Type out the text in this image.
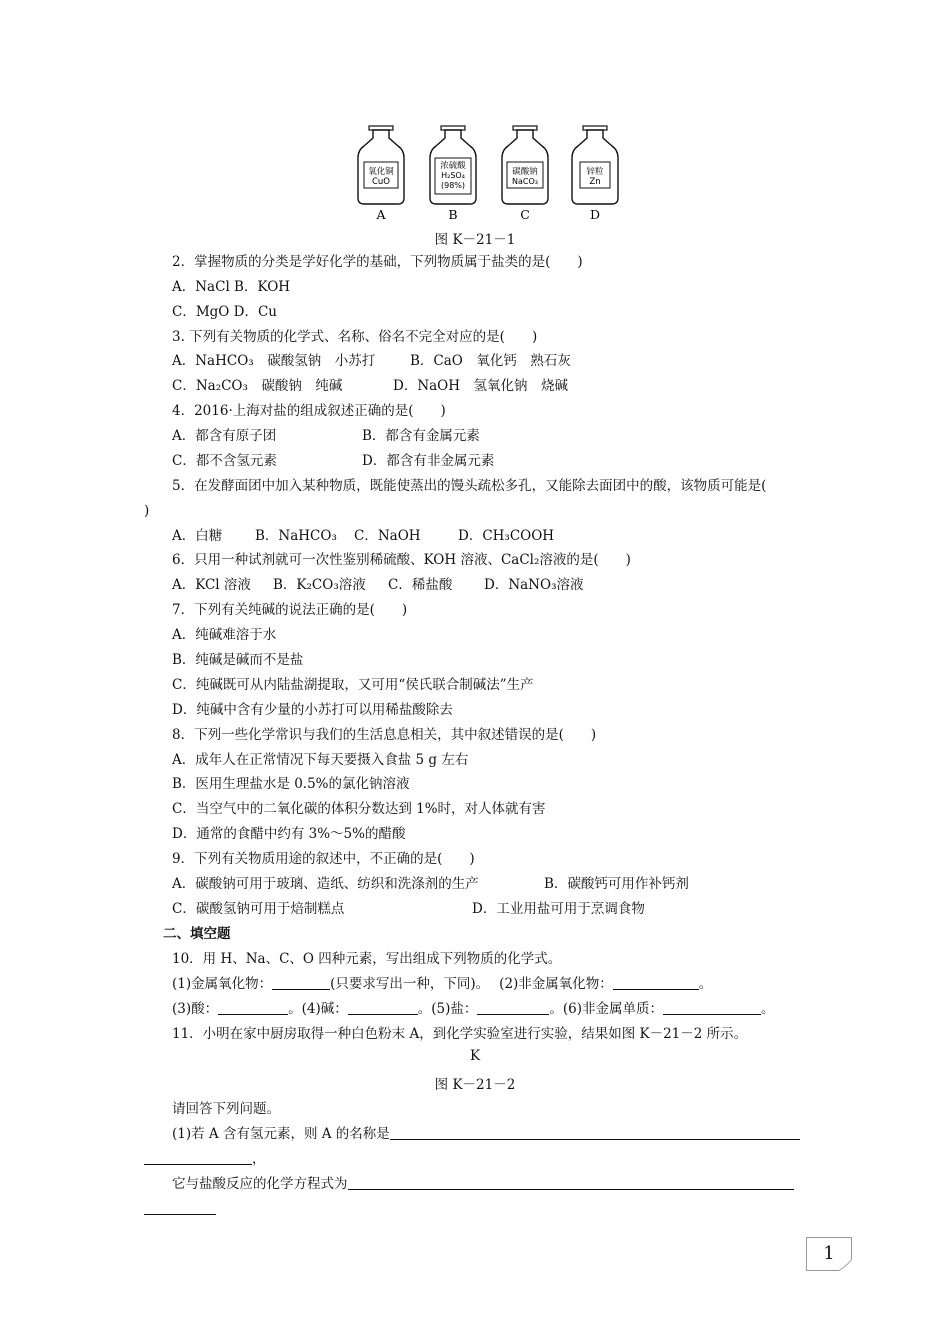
氧化铜
CuO
A
浓硫酸
H₂SO₄
(98%)
B
碳酸钠
NaCO₃
C
锌粒
Zn
D
图 K－21－1
2．掌握物质的分类是学好化学的基础，下列物质属于盐类的是(　　)
A．NaCl B．KOH
C．MgO D．Cu
3. 下列有关物质的化学式、名称、俗名不完全对应的是(　　)
A．NaHCO₃　碳酸氢钠　小苏打	B．CaO　氧化钙　熟石灰
C．Na₂CO₃　碳酸钠　纯碱	D．NaOH　氢氧化钠　烧碱
4．2016·上海对盐的组成叙述正确的是(　　)
A．都含有原子团	B．都含有金属元素
C．都不含氢元素	D．都含有非金属元素
5．在发酵面团中加入某种物质，既能使蒸出的馒头疏松多孔，又能除去面团中的酸，该物质可能是(
)
A．白糖 B．NaHCO₃ C．NaOH	D．CH₃COOH
6．只用一种试剂就可一次性鉴别稀硫酸、KOH 溶液、CaCl₂溶液的是(　　)
A．KCl 溶液 B．K₂CO₃溶液 C．稀盐酸 D．NaNO₃溶液
7．下列有关纯碱的说法正确的是(　　)
A．纯碱难溶于水
B．纯碱是碱而不是盐
C．纯碱既可从内陆盐湖提取，又可用“侯氏联合制碱法”生产
D．纯碱中含有少量的小苏打可以用稀盐酸除去
8．下列一些化学常识与我们的生活息息相关，其中叙述错误的是(　　)
A．成年人在正常情况下每天要摄入食盐 5 g 左右
B．医用生理盐水是 0.5%的氯化钠溶液
C．当空气中的二氧化碳的体积分数达到 1%时，对人体就有害
D．通常的食醋中约有 3%～5%的醋酸
9．下列有关物质用途的叙述中，不正确的是(　　)
A．碳酸钠可用于玻璃、造纸、纺织和洗涤剂的生产	B．碳酸钙可用作补钙剂
C．碳酸氢钠可用于焙制糕点	D．工业用盐可用于烹调食物
二、填空题
10．用 H、Na、C、O 四种元素，写出组成下列物质的化学式。
(1)金属氧化物：	(只要求写出一种，下同)。 (2)非金属氧化物：	。
(3)酸：	。(4)碱：	。(5)盐：	。(6)非金属单质：	。
11．小明在家中厨房取得一种白色粉末 A，到化学实验室进行实验，结果如图 K－21－2 所示。
K
图 K－21－2
请回答下列问题。
(1)若 A 含有氢元素，则 A 的名称是
，
它与盐酸反应的化学方程式为
1
